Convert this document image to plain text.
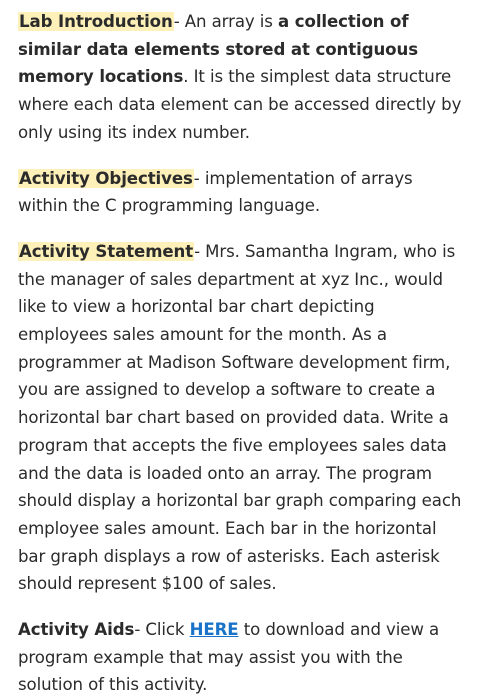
Lab Introduction- An array is a collection of similar data elements stored at contiguous memory locations. It is the simplest data structure where each data element can be accessed directly by only using its index number.

Activity Objectives- implementation of arrays within the C programming language.

Activity Statement- Mrs. Samantha Ingram, who is the manager of sales department at xyz Inc., would like to view a horizontal bar chart depicting employees sales amount for the month. As a programmer at Madison Software development firm, you are assigned to develop a software to create a horizontal bar chart based on provided data. Write a program that accepts the five employees sales data and the data is loaded onto an array. The program should display a horizontal bar graph comparing each employee sales amount. Each bar in the horizontal bar graph displays a row of asterisks. Each asterisk should represent $100 of sales.

Activity Aids- Click HERE to download and view a program example that may assist you with the solution of this activity.
